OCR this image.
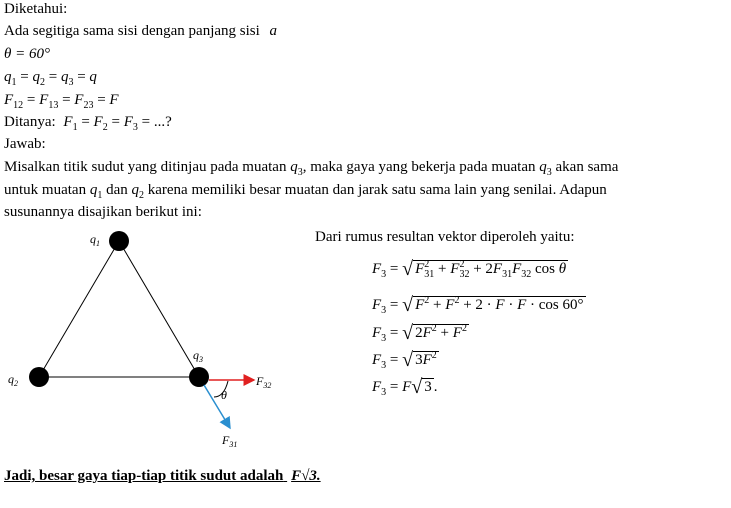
Diketahui:
Ada segitiga sama sisi dengan panjang sisi a
θ = 60°
$q_1 = q_2 = q_3 = q$
$F_{12} = F_{13} = F_{23} = F$
Ditanya: $F_1 = F_2 = F_3$ = ...?
Jawab:
Misalkan titik sudut yang ditinjau pada muatan $q_3$, maka gaya yang bekerja pada muatan $q_3$ akan sama
untuk muatan $q_1$ dan $q_2$ karena memiliki besar muatan dan jarak satu sama lain yang senilai. Adapun
susunannya disajikan berikut ini:
$q_1$
$q_2$
$q_3$
$F_{32}$
$F_{31}$
θ
Dari rumus resultan vektor diperoleh yaitu:
$F_3$ = √ $F^2_{31} + F^2_{32} + 2F_{31}F_{32}$ cos θ
$F_3$ = √ $F^2 + F^2 + 2 \cdot F \cdot F \cdot \cos 60^\circ$
$F_3$ = √ $2F^2 + F^2$
$F_3$ = √ $3F^2$
$F_3 = F√$ 3 .
Jadi, besar gaya tiap-tiap titik sudut adalah F√3.
